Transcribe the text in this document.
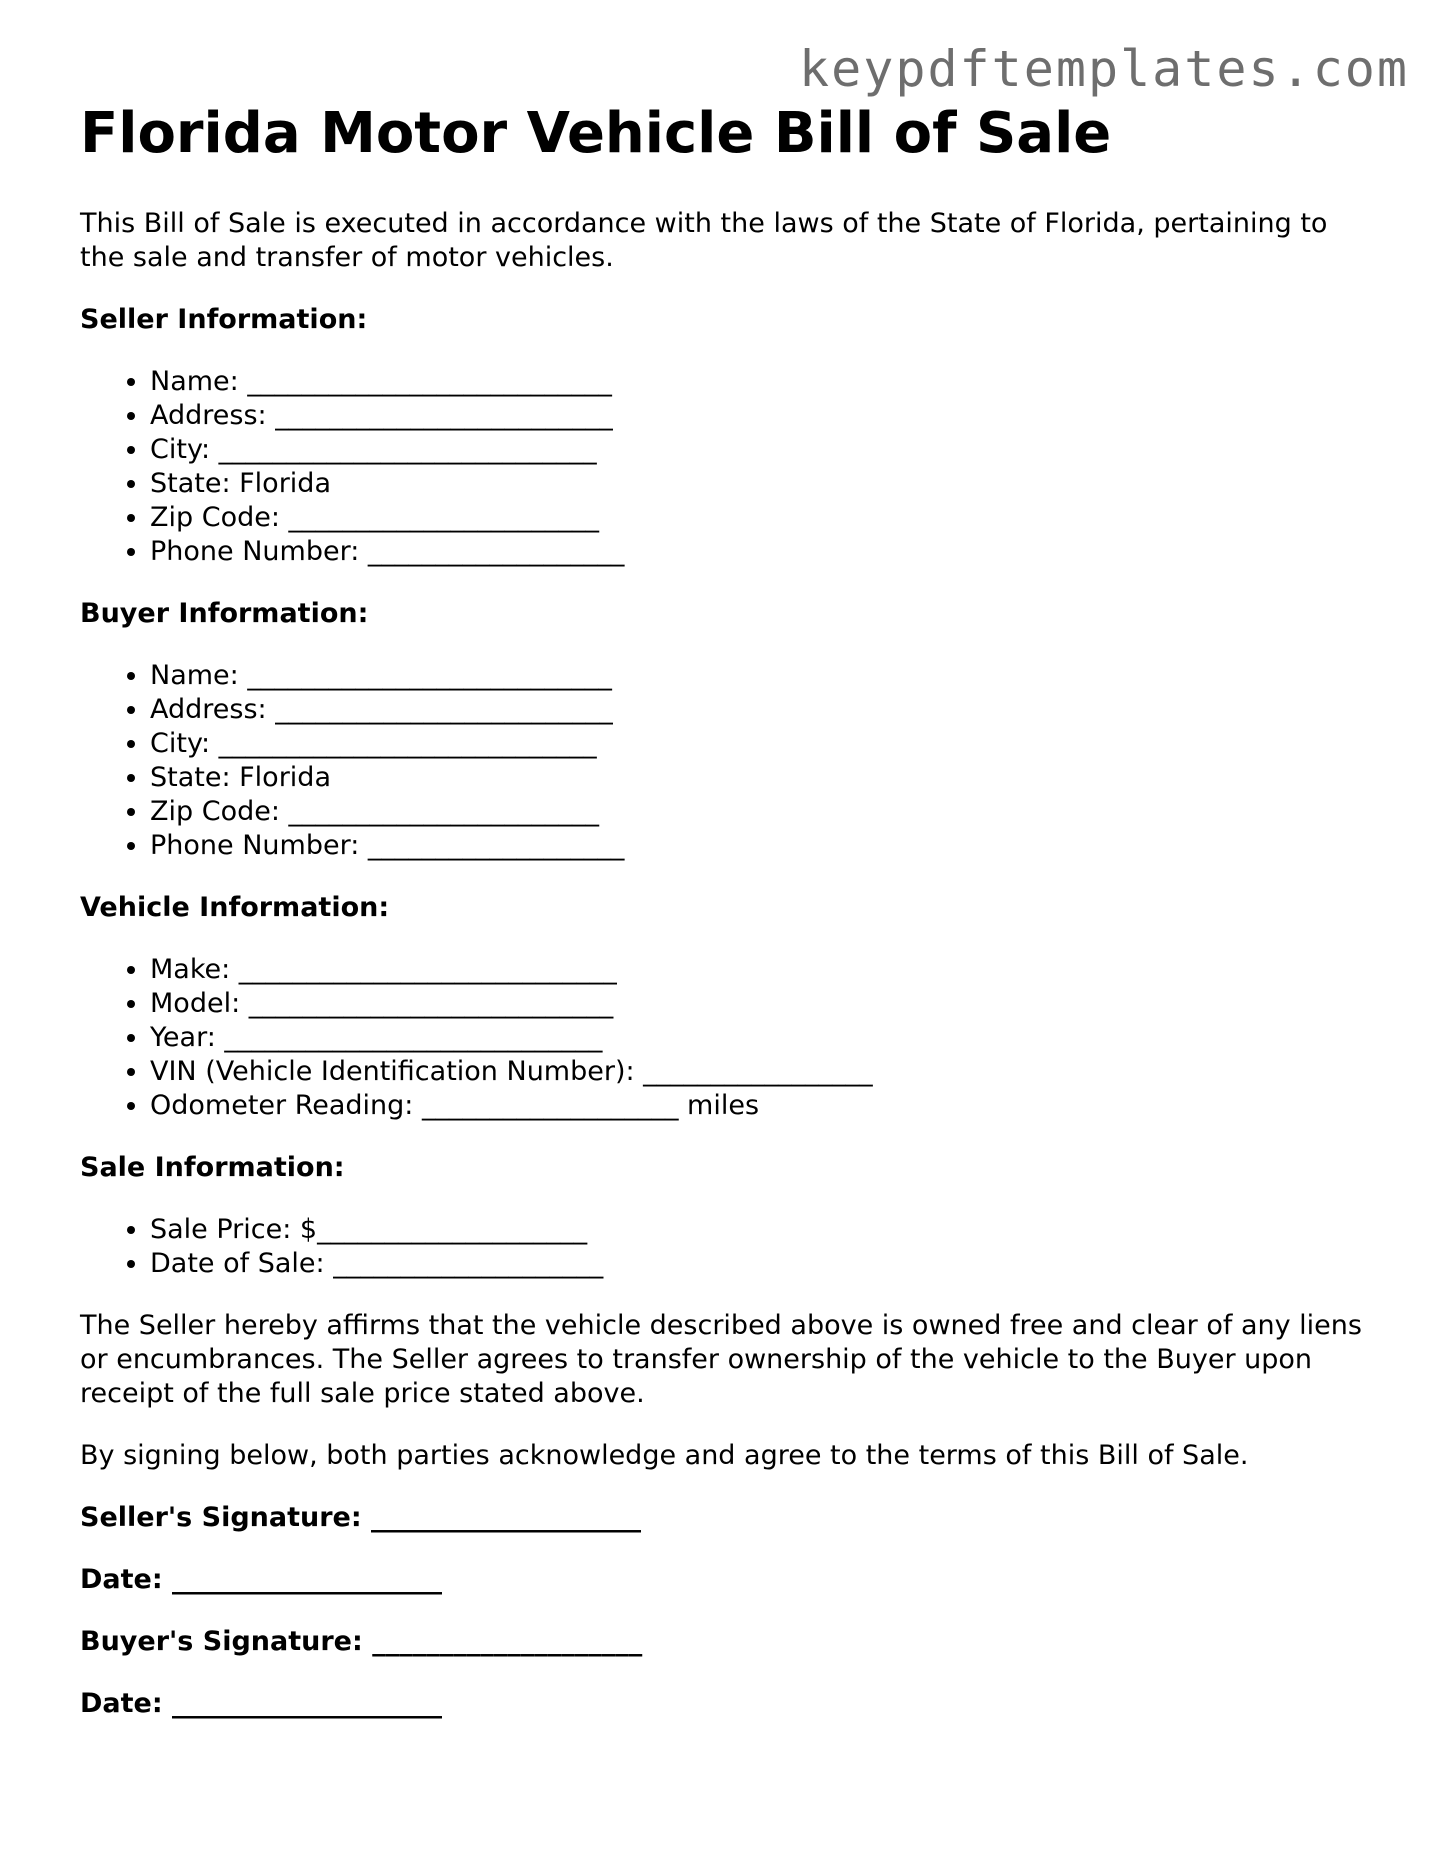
keypdftemplates.com
Florida Motor Vehicle Bill of Sale

This Bill of Sale is executed in accordance with the laws of the State of Florida, pertaining to the sale and transfer of motor vehicles.

Seller Information:
• Name: ___________________________
• Address: _________________________
• City: ____________________________
• State: Florida
• Zip Code: _______________________
• Phone Number: ___________________
Buyer Information:
• Name: ___________________________
• Address: _________________________
• City: ____________________________
• State: Florida
• Zip Code: _______________________
• Phone Number: ___________________
Vehicle Information:
• Make: ____________________________
• Model: ___________________________
• Year: ____________________________
• VIN (Vehicle Identification Number): _________________
• Odometer Reading: ___________________ miles
Sale Information:
• Sale Price: $____________________
• Date of Sale: ____________________

The Seller hereby affirms that the vehicle described above is owned free and clear of any liens or encumbrances. The Seller agrees to transfer ownership of the vehicle to the Buyer upon receipt of the full sale price stated above.

By signing below, both parties acknowledge and agree to the terms of this Bill of Sale.

Seller's Signature: ____________________
Date: ____________________
Buyer's Signature: ____________________
Date: ____________________
